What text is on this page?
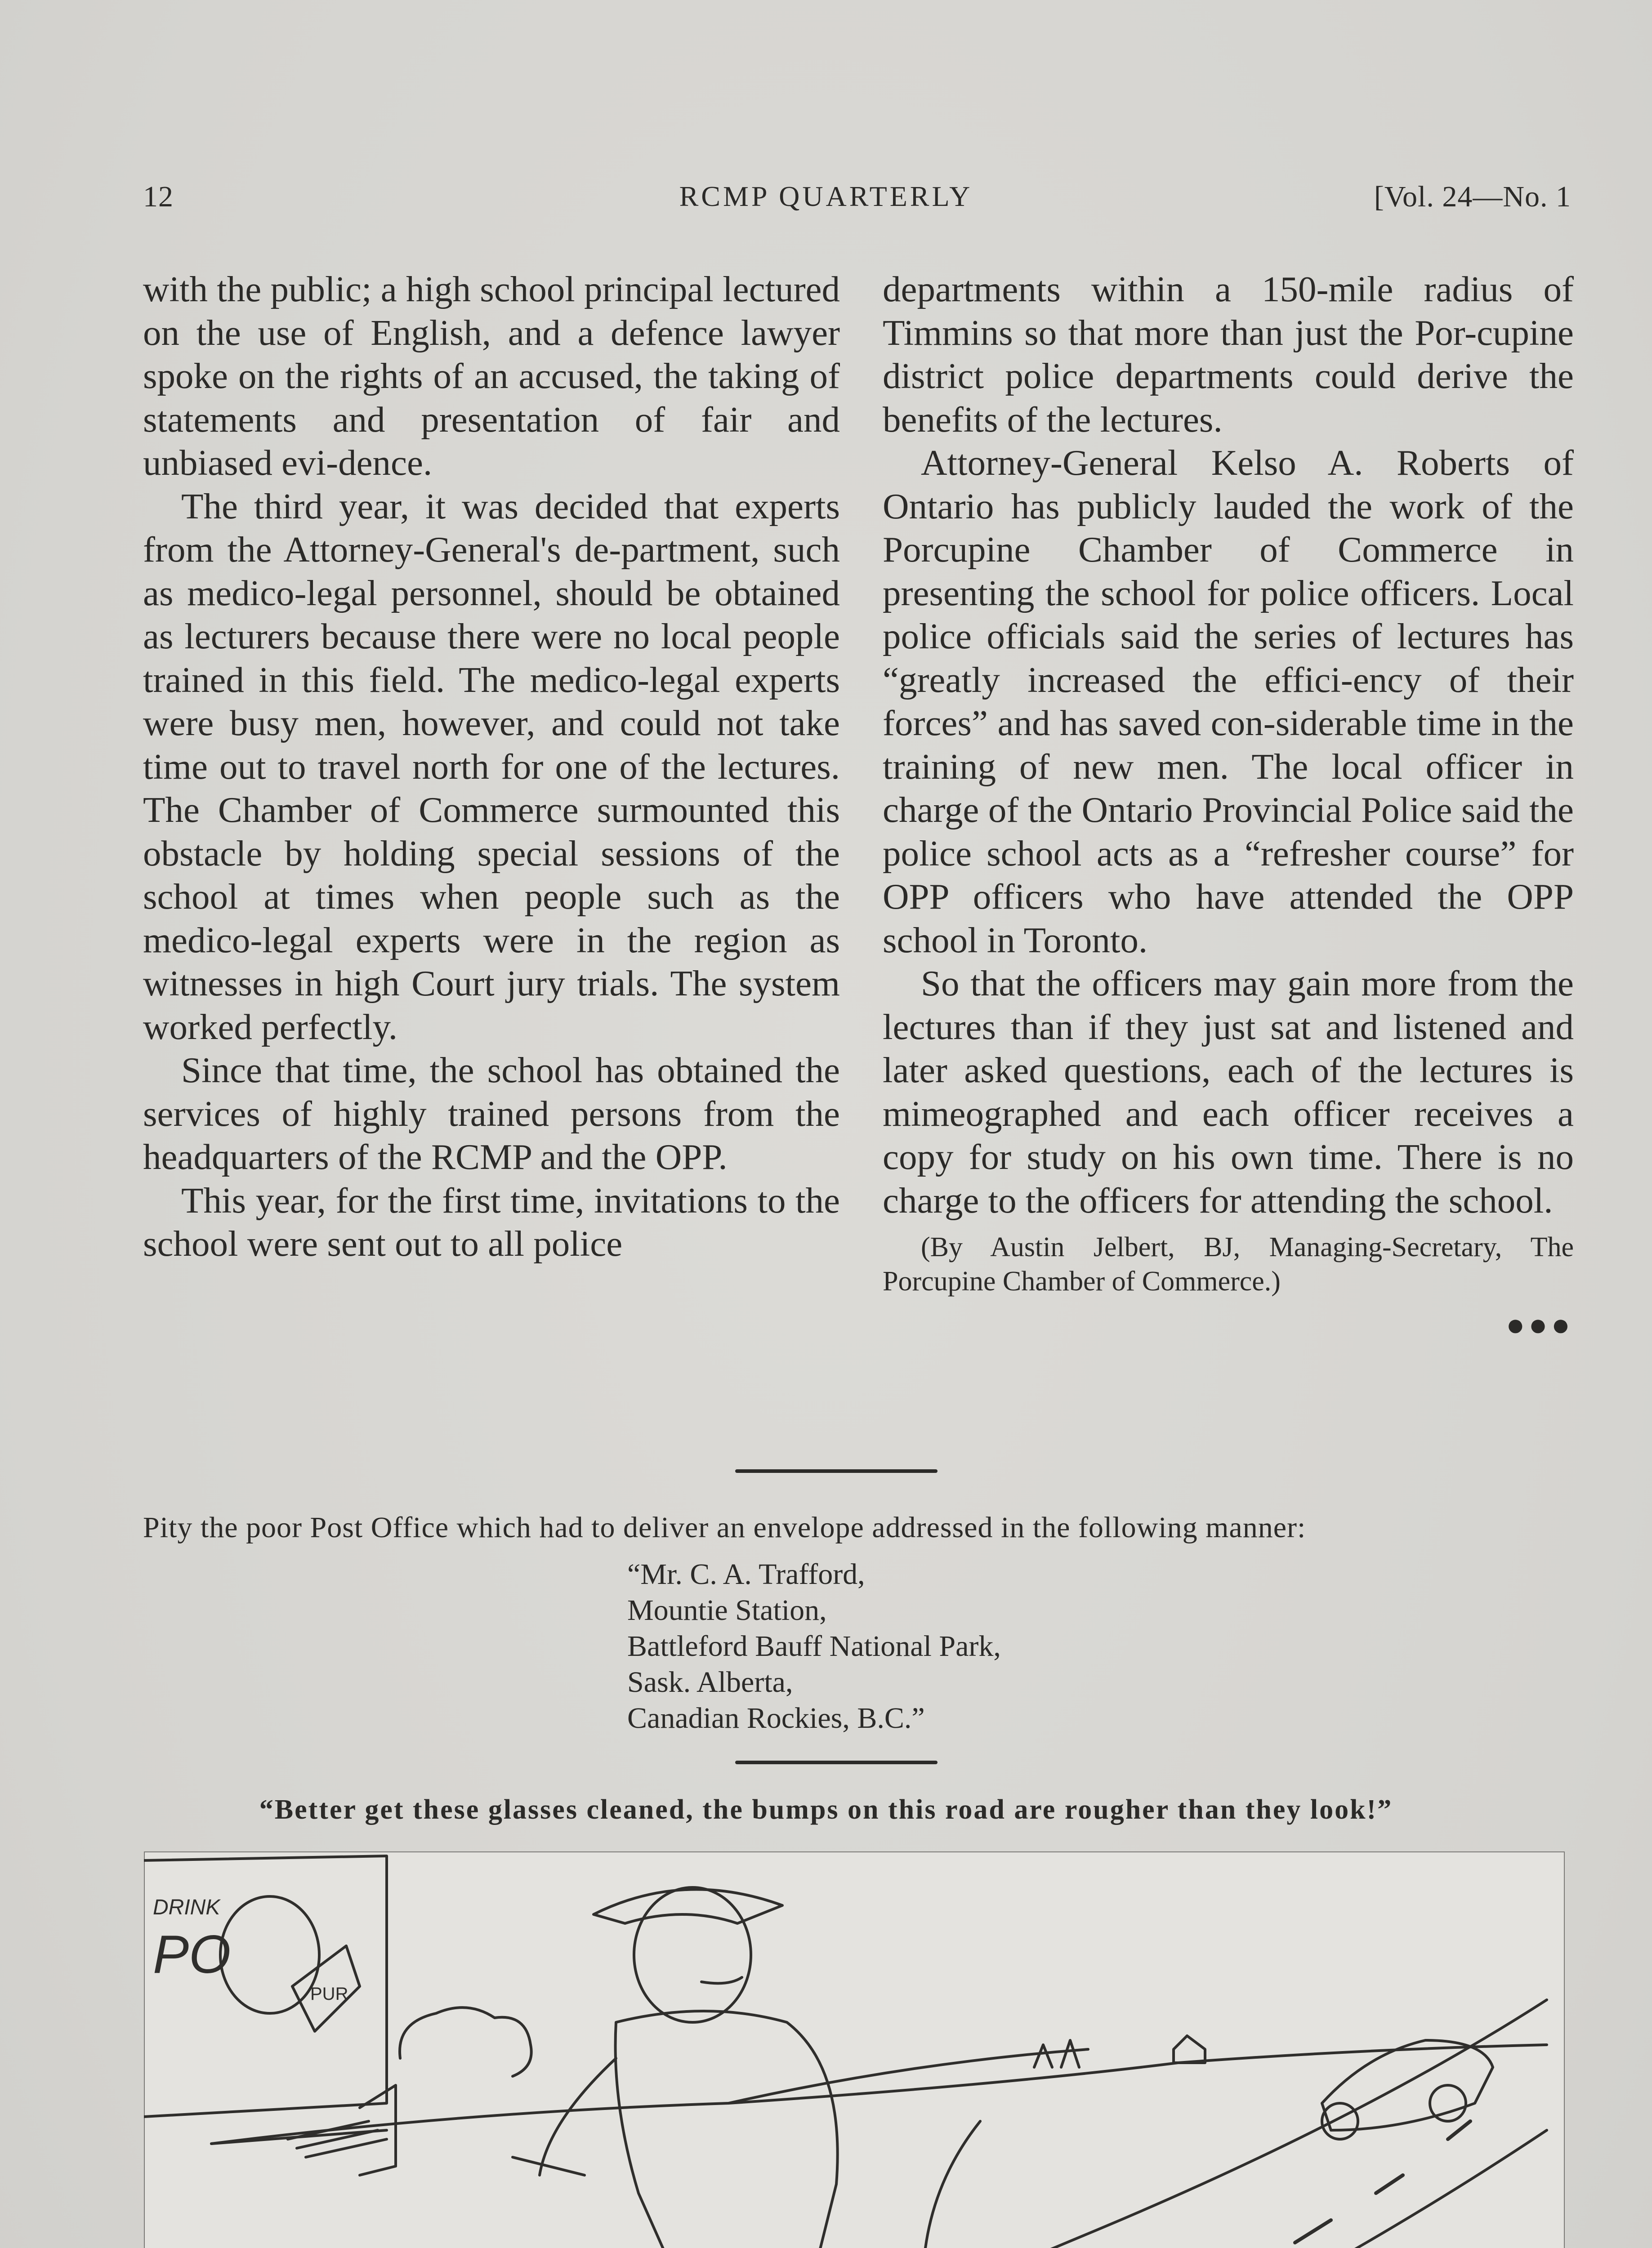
12	RCMP QUARTERLY	[Vol. 24—No. 1

with the public; a high school principal lectured on the use of English, and a defence lawyer spoke on the rights of an accused, the taking of statements and presentation of fair and unbiased evi-dence.

The third year, it was decided that experts from the Attorney-General's de-partment, such as medico-legal personnel, should be obtained as lecturers because there were no local people trained in this field. The medico-legal experts were busy men, however, and could not take time out to travel north for one of the lectures. The Chamber of Commerce surmounted this obstacle by holding special sessions of the school at times when people such as the medico-legal experts were in the region as witnesses in high Court jury trials. The system worked perfectly.

Since that time, the school has obtained the services of highly trained persons from the headquarters of the RCMP and the OPP.

This year, for the first time, invitations to the school were sent out to all police

departments within a 150-mile radius of Timmins so that more than just the Por-cupine district police departments could derive the benefits of the lectures.

Attorney-General Kelso A. Roberts of Ontario has publicly lauded the work of the Porcupine Chamber of Commerce in presenting the school for police officers. Local police officials said the series of lectures has “greatly increased the effici-ency of their forces” and has saved con-siderable time in the training of new men. The local officer in charge of the Ontario Provincial Police said the police school acts as a “refresher course” for OPP officers who have attended the OPP school in Toronto.

So that the officers may gain more from the lectures than if they just sat and listened and later asked questions, each of the lectures is mimeographed and each officer receives a copy for study on his own time. There is no charge to the officers for attending the school.

(By Austin Jelbert, BJ, Managing-Secretary, The Porcupine Chamber of Commerce.)

●●●
Pity the poor Post Office which had to deliver an envelope addressed in the following manner:
“Mr. C. A. Trafford,
Mountie Station,
Battleford Bauff National Park,
Sask. Alberta,
Canadian Rockies, B.C.”
“Better get these glasses cleaned, the bumps on this road are rougher than they look!”
DRINK
PO
PUR
